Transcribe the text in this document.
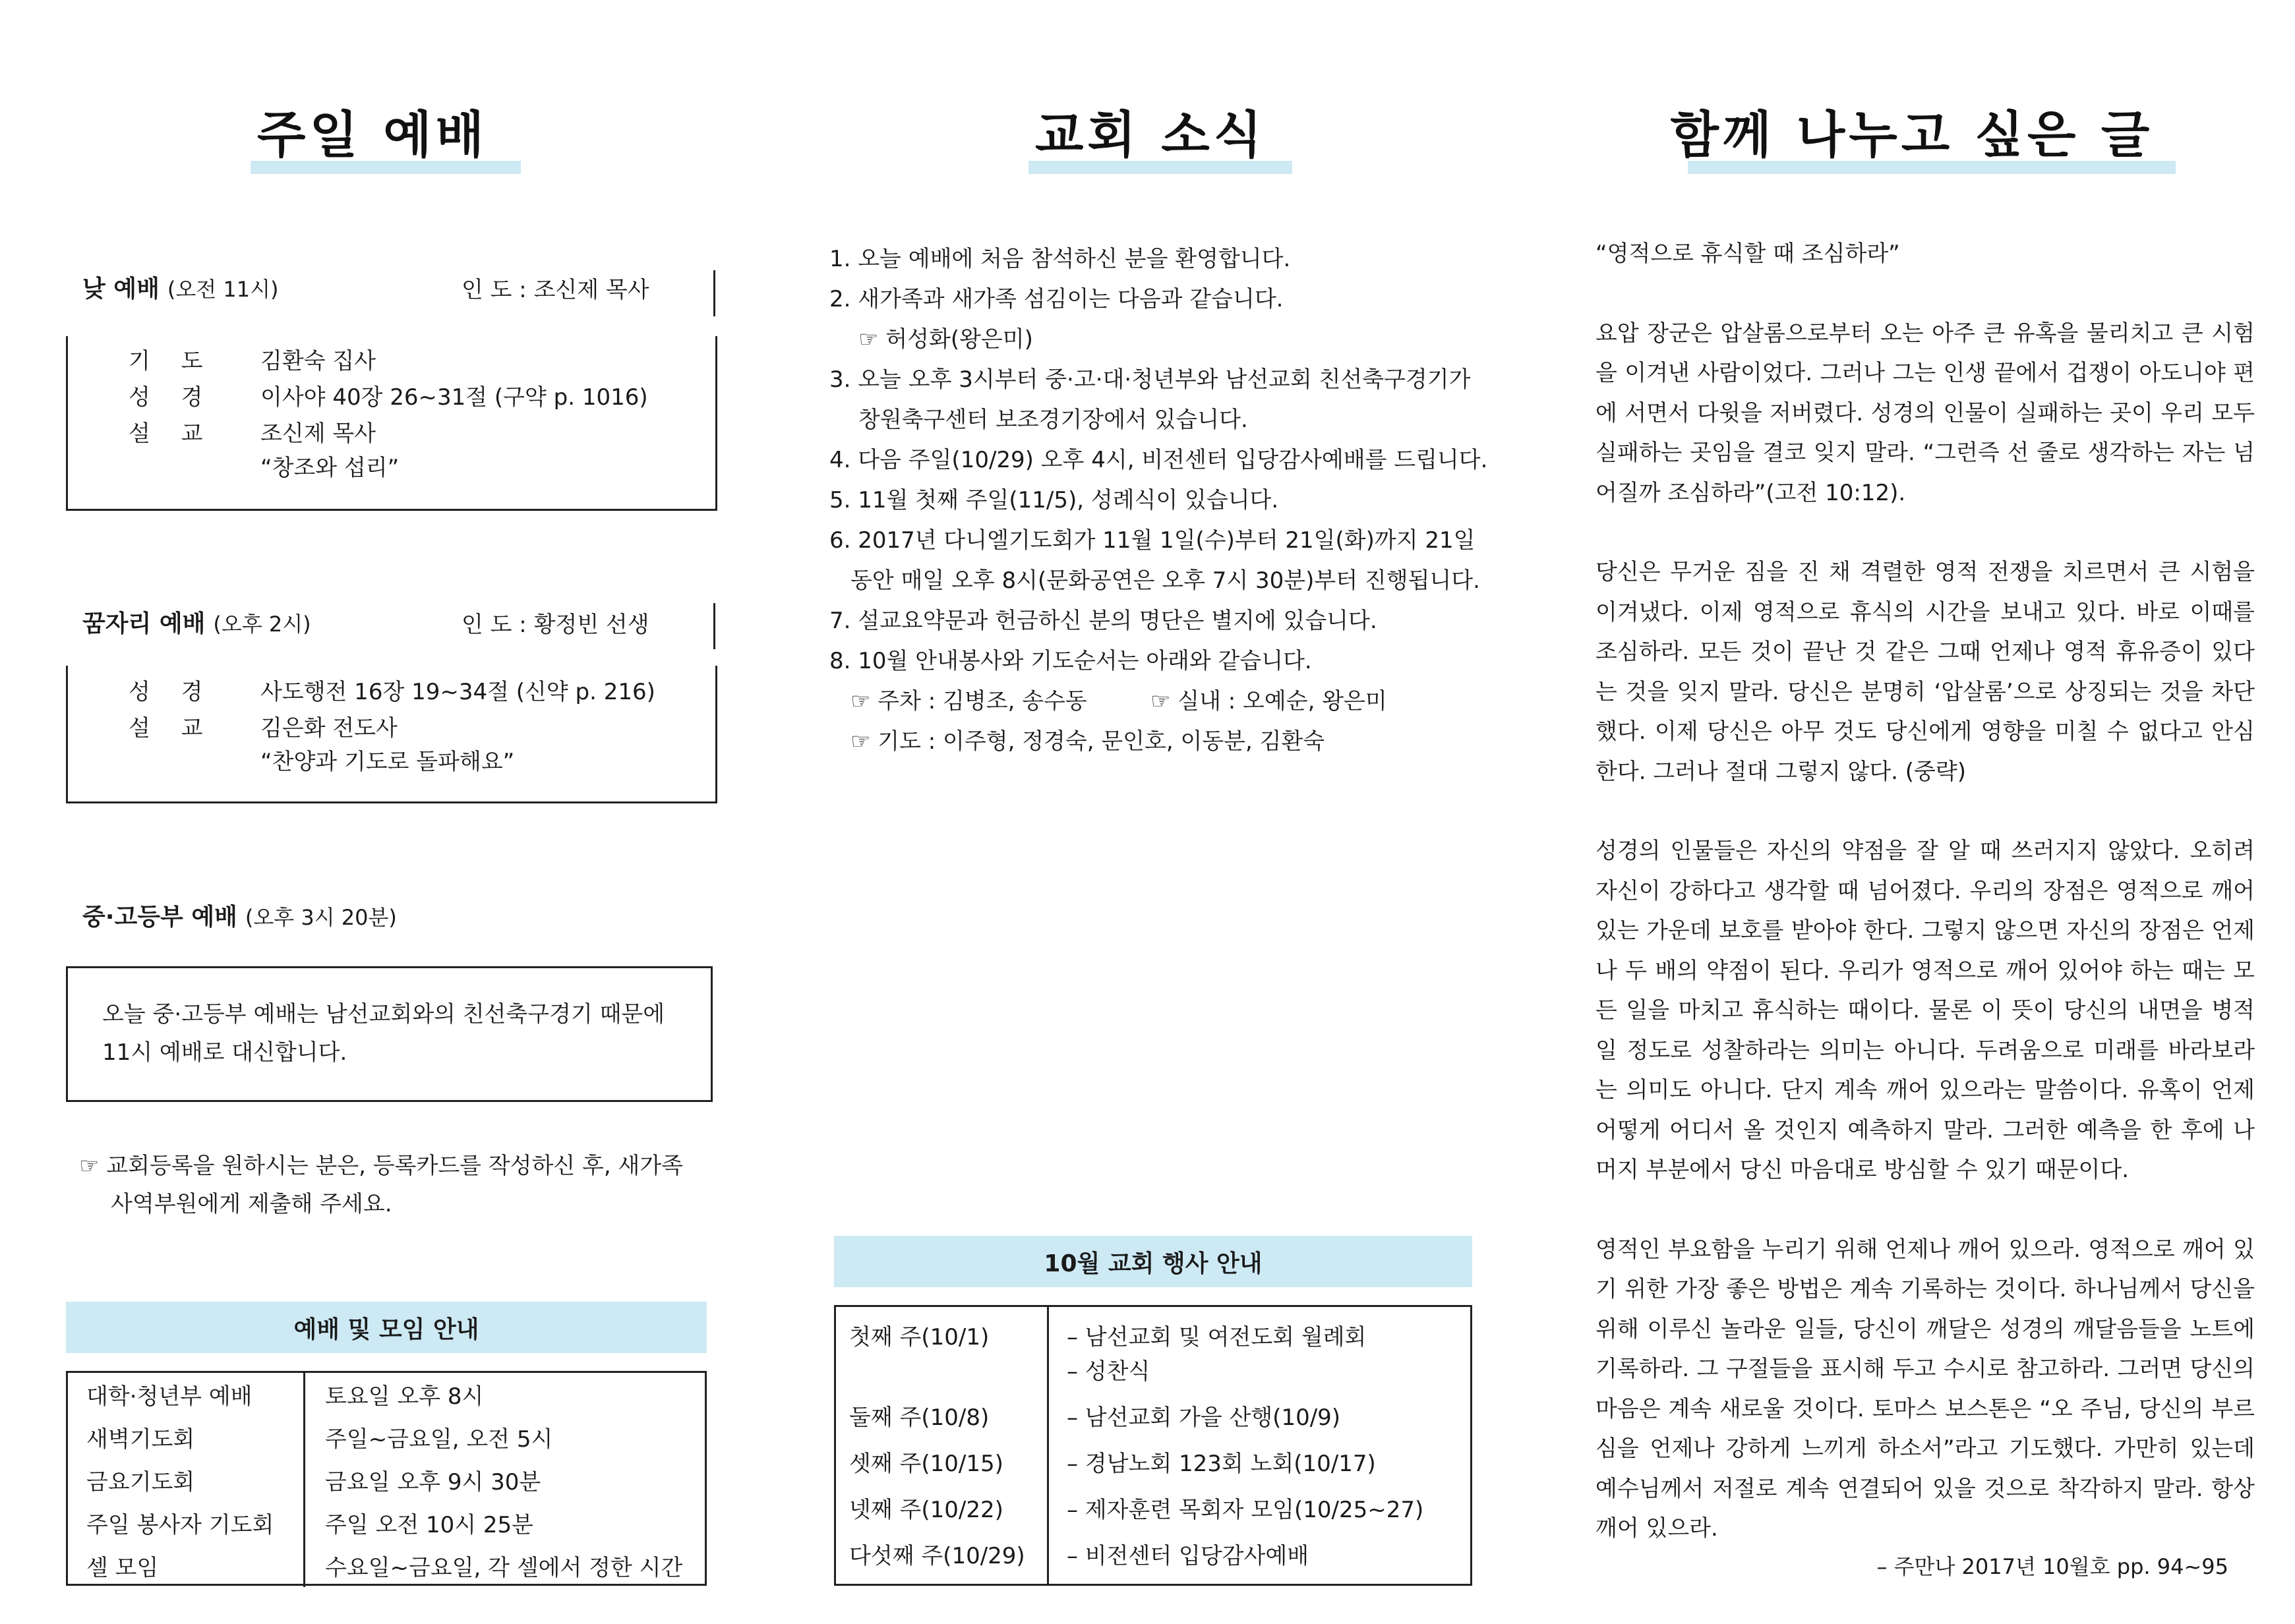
주일 예배
낮 예배 (오전 11시)	인 도 : 조신제 목사
기 도 김환숙 집사
성 경 이사야 40장 26~31절 (구약 p. 1016)
설 교 조신제 목사
“창조와 섭리”
꿈자리 예배 (오후 2시)	인 도 : 황정빈 선생
성 경 사도행전 16장 19~34절 (신약 p. 216)
설 교 김은화 전도사
“찬양과 기도로 돌파해요”
중·고등부 예배 (오후 3시 20분)
오늘 중·고등부 예배는 남선교회와의 친선축구경기 때문에
11시 예배로 대신합니다.
☞ 교회등록을 원하시는 분은, 등록카드를 작성하신 후, 새가족
사역부원에게 제출해 주세요.
예배 및 모임 안내
대학·청년부 예배	토요일 오후 8시
새벽기도회	주일~금요일, 오전 5시
금요기도회	금요일 오후 9시 30분
주일 봉사자 기도회	주일 오전 10시 25분
셀 모임	수요일~금요일, 각 셀에서 정한 시간
교회 소식
1. 오늘 예배에 처음 참석하신 분을 환영합니다.
2. 새가족과 새가족 섬김이는 다음과 같습니다.
☞ 허성화(왕은미)
3. 오늘 오후 3시부터 중·고·대·청년부와 남선교회 친선축구경기가
창원축구센터 보조경기장에서 있습니다.
4. 다음 주일(10/29) 오후 4시, 비전센터 입당감사예배를 드립니다.
5. 11월 첫째 주일(11/5), 성례식이 있습니다.
6. 2017년 다니엘기도회가 11월 1일(수)부터 21일(화)까지 21일
동안 매일 오후 8시(문화공연은 오후 7시 30분)부터 진행됩니다.
7. 설교요약문과 헌금하신 분의 명단은 별지에 있습니다.
8. 10월 안내봉사와 기도순서는 아래와 같습니다.
☞ 주차 : 김병조, 송수동	☞ 실내 : 오예순, 왕은미
☞ 기도 : 이주형, 정경숙, 문인호, 이동분, 김환숙
10월 교회 행사 안내
첫째 주(10/1)	– 남선교회 및 여전도회 월례회
– 성찬식
둘째 주(10/8)	– 남선교회 가을 산행(10/9)
셋째 주(10/15)	– 경남노회 123회 노회(10/17)
넷째 주(10/22)	– 제자훈련 목회자 모임(10/25~27)
다섯째 주(10/29) – 비전센터 입당감사예배
함께 나누고 싶은 글

“영적으로 휴식할 때 조심하라”

요압 장군은 압살롬으로부터 오는 아주 큰 유혹을 물리치고 큰 시험을 이겨낸 사람이었다. 그러나 그는 인생 끝에서 겁쟁이 아도니야 편에 서면서 다윗을 저버렸다. 성경의 인물이 실패하는 곳이 우리 모두 실패하는 곳임을 결코 잊지 말라. “그런즉 선 줄로 생각하는 자는 넘어질까 조심하라”(고전 10:12).

당신은 무거운 짐을 진 채 격렬한 영적 전쟁을 치르면서 큰 시험을 이겨냈다. 이제 영적으로 휴식의 시간을 보내고 있다. 바로 이때를 조심하라. 모든 것이 끝난 것 같은 그때 언제나 영적 휴유증이 있다는 것을 잊지 말라. 당신은 분명히 ‘압살롬’으로 상징되는 것을 차단했다. 이제 당신은 아무 것도 당신에게 영향을 미칠 수 없다고 안심한다. 그러나 절대 그렇지 않다. (중략)

성경의 인물들은 자신의 약점을 잘 알 때 쓰러지지 않았다. 오히려 자신이 강하다고 생각할 때 넘어졌다. 우리의 장점은 영적으로 깨어 있는 가운데 보호를 받아야 한다. 그렇지 않으면 자신의 장점은 언제나 두 배의 약점이 된다. 우리가 영적으로 깨어 있어야 하는 때는 모든 일을 마치고 휴식하는 때이다. 물론 이 뜻이 당신의 내면을 병적일 정도로 성찰하라는 의미는 아니다. 두려움으로 미래를 바라보라는 의미도 아니다. 단지 계속 깨어 있으라는 말씀이다. 유혹이 언제 어떻게 어디서 올 것인지 예측하지 말라. 그러한 예측을 한 후에 나머지 부분에서 당신 마음대로 방심할 수 있기 때문이다.

영적인 부요함을 누리기 위해 언제나 깨어 있으라. 영적으로 깨어 있기 위한 가장 좋은 방법은 계속 기록하는 것이다. 하나님께서 당신을 위해 이루신 놀라운 일들, 당신이 깨달은 성경의 깨달음들을 노트에 기록하라. 그 구절들을 표시해 두고 수시로 참고하라. 그러면 당신의 마음은 계속 새로울 것이다. 토마스 보스톤은 “오 주님, 당신의 부르심을 언제나 강하게 느끼게 하소서”라고 기도했다. 가만히 있는데 예수님께서 저절로 계속 연결되어 있을 것으로 착각하지 말라. 항상 깨어 있으라.

– 주만나 2017년 10월호 pp. 94~95
